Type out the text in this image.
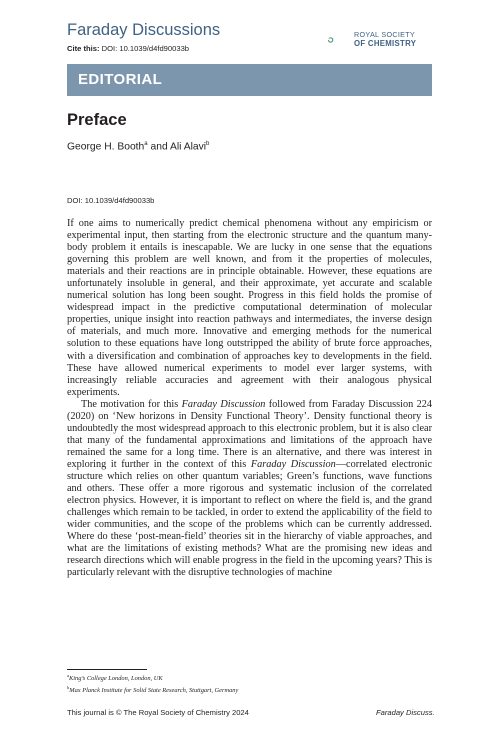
Faraday Discussions
Cite this: DOI: 10.1039/d4fd90033b
ROYAL SOCIETY
OF CHEMISTRY
EDITORIAL
Preface
George H. Booth$^a$ and Ali Alavi$^b$
DOI: 10.1039/d4fd90033b

If one aims to numerically predict chemical phenomena without any empiricism or experimental input, then starting from the electronic structure and the quantum many-body problem it entails is inescapable. We are lucky in one sense that the equations governing this problem are well known, and from it the properties of molecules, materials and their reactions are in principle obtainable. However, these equations are unfortunately insoluble in general, and their approximate, yet accurate and scalable numerical solution has long been sought. Progress in this field holds the promise of widespread impact in the predictive computational determination of molecular properties, unique insight into reaction pathways and intermediates, the inverse design of materials, and much more. Innovative and emerging methods for the numerical solution to these equations have long outstripped the ability of brute force approaches, with a diversification and combination of approaches key to developments in the field. These have allowed numerical experiments to model ever larger systems, with increasingly reliable accuracies and agreement with their analogous physical experiments.

The motivation for this Faraday Discussion followed from Faraday Discussion 224 (2020) on ‘New horizons in Density Functional Theory’. Density functional theory is undoubtedly the most widespread approach to this electronic problem, but it is also clear that many of the fundamental approximations and limitations of the approach have remained the same for a long time. There is an alternative, and there was interest in exploring it further in the context of this Faraday Discussion—correlated electronic structure which relies on other quantum variables; Green’s functions, wave functions and others. These offer a more rigorous and systematic inclusion of the correlated electron physics. However, it is important to reflect on where the field is, and the grand challenges which remain to be tackled, in order to extend the applicability of the field to wider communities, and the scope of the problems which can be currently addressed. Where do these ‘post-mean-field’ theories sit in the hierarchy of viable approaches, and what are the limitations of existing methods? What are the promising new ideas and research directions which will enable progress in the field in the upcoming years? This is particularly relevant with the disruptive technologies of machine

$^a$King’s College London, London, UK
$^b$Max Planck Institute for Solid State Research, Stuttgart, Germany
This journal is © The Royal Society of Chemistry 2024	Faraday Discuss.
